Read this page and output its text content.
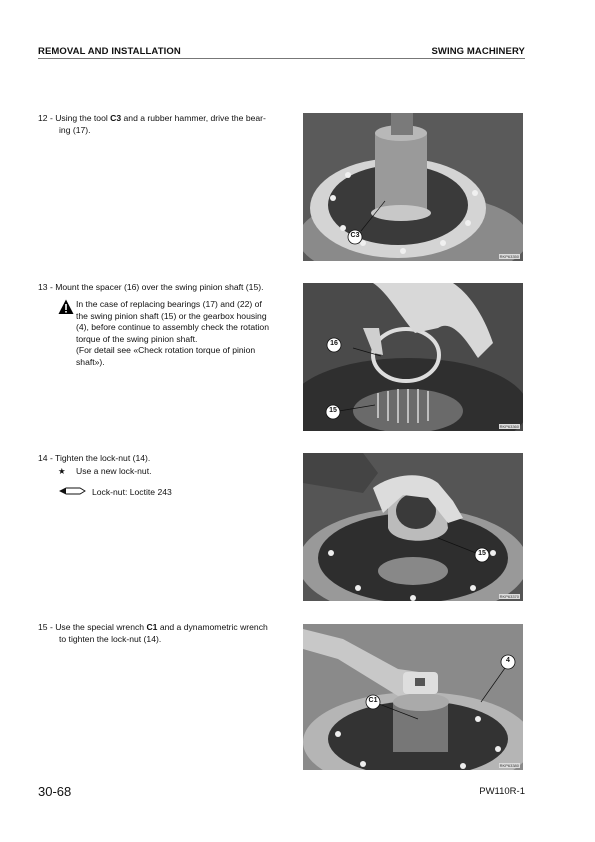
REMOVAL AND INSTALLATION	SWING MACHINERY
12 - Using the tool C3 and a rubber hammer, drive the bear-
ing (17).
C3
RKP63350
13 - Mount the spacer (16) over the swing pinion shaft (15).
In the case of replacing bearings (17) and (22) of
the swing pinion shaft (15) or the gearbox housing
(4), before continue to assembly check the rotation
torque of the swing pinion shaft.
(For detail see «Check rotation torque of pinion
shaft»).
16
15
RKP63360
14 - Tighten the lock-nut (14).
★ Use a new lock-nut.
Lock-nut: Loctite 243
15
RKP63370
15 - Use the special wrench C1 and a dynamometric wrench
to tighten the lock-nut (14).
4
C1
RKP63380
30-68	PW110R-1
